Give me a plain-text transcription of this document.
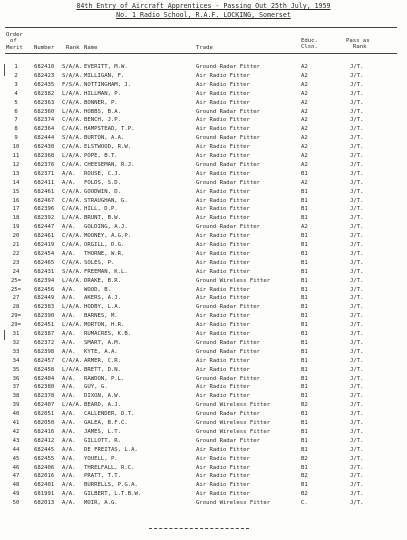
84th Entry of Aircraft Apprentices - Passing Out 25th July, 1959
No. 1 Radio School, R.A.F. LOCKING, Somerset
Order
of
Merit Number Rank Name	Trade
Educ.
Clsn.
Pass as
Rank
1	682410 S/A/A. EVERITT, M.W.	Ground Radar Fitter	A2	J/T.
2	682423 S/A/A. MILLIGAN, F.	Air Radio Fitter	A2	J/T.
3	682435 F/S/A. NOTTINGHAM, J.	Air Radio Fitter	A2	J/T.
4	682382 L/A/A. HILLMAN, P.	Air Radio Fitter	A2	J/T.
5	682363 C/A/A. BONNER, P.	Air Radio Fitter	A2	J/T.
6	682360 L/A/A. HOBBS, B.A.	Ground Radar Fitter	A2	J/T.
7	682374 C/A/A. BENCH, J.P.	Air Radio Fitter	A2	J/T.
8	682364 C/A/A. HAMPSTEAD, T.P.	Air Radio Fitter	A2	J/T.
9	682444 S/A/A. BURTON, A.A.	Ground Radar Fitter	A2	J/T.
10	682430 C/A/A. ELSTWOOD, R.W.	Air Radio Fitter	A2	J/T.
11	682368 L/A/A. POPE, B.T.	Air Radio Fitter	A2	J/T.
12	682376 C/A/A. CHEESEMAN, R.J.	Ground Radar Fitter	A2	J/T.
13	682371 A/A. ROUSE, C.J.	Air Radio Fitter	B1	J/T.
14	682411 A/A. FOLDS, S.D.	Ground Radar Fitter	A2	J/T.
15	682461 C/A/A. GOODWIN, D.	Air Radio Fitter	B1	J/T.
16	682467 C/A/A. STRAUGHAN, G.	Air Radio Fitter	B1	J/T.
17	682396 C/A/A. HILL, D.P.	Air Radio Fitter	B1	J/T.
18	682392 L/A/A. BRUNT, B.W.	Air Radio Fitter	B1	J/T.
19	682447 A/A. GOLDING, A.J.	Ground Radar Fitter	A2	J/T.
20	682461 C/A/A. MOONEY, A.G.P.	Air Radio Fitter	B1	J/T.
21	682419 C/A/A. ORGILL, D.G.	Air Radio Fitter	B1	J/T.
22	682454 A/A. THORNE, W.R.	Air Radio Fitter	B1	J/T.
23	682465 C/A/A. SOLES, P.	Air Radio Fitter	B1	J/T.
24	682431 S/A/A. FREEMAN, K.L.	Air Radio Fitter	B1	J/T.
25=	682394 L/A/A. DRAKE, B.R.	Ground Wireless Fitter	B1	J/T.
25=	682456 A/A. WOOD, B.	Air Radio Fitter	B1	J/T.
27	682449 A/A. AKERS, A.J.	Air Radio Fitter	B1	J/T.
28	682383 L/A/A. HODBY, L.A.	Ground Radar Fitter	B1	J/T.
29=	682390 A/A. BARNES, M.	Air Radio Fitter	B1	J/T.
29=	682451 L/A/A. MORTON, H.R.	Air Radio Fitter	B1	J/T.
31	682387 A/A. RUMACRES, K.B.	Air Radio Fitter	B1	J/T.
32	682372 A/A. SMART, A.M.	Ground Radar Fitter	B1	J/T.
33	682398 A/A. KYTE, A.A.	Ground Radar Fitter	B1	J/T.
34	682457 C/A/A. ARMER, C.R.	Air Radio Fitter	B1	J/T.
35	682458 L/A/A. BRETT, D.N.	Air Radio Fitter	B1	J/T.
36	682404 A/A. RAWDON, P.L.	Ground Radar Fitter	B1	J/T.
37	682380 A/A. GUY, G.	Air Radio Fitter	B1	J/T.
38	682378 A/A. DIXON, A.W.	Air Radio Fitter	B1	J/T.
39	682407 L/A/A. BEARD, A.J.	Ground Wireless Fitter	B2	J/T.
40	682051 A/A. CALLENDER, D.T.	Ground Radar Fitter	B1	J/T.
41	682050 A/A. GALEA, B.F.C.	Ground Wireless Fitter	B1	J/T.
42	682416 A/A. JAMES, L.T.	Ground Wireless Fitter	B1	J/T.
43	682412 A/A. GILLOTT, R.	Ground Radar Fitter	B1	J/T.
44	682445 A/A. DE FREITAS, L.A.	Air Radio Fitter	B1	J/T.
45	682455 A/A. YOUELL, P.	Air Radio Fitter	B2	J/T.
46	682406 A/A. THRELFALL, R.C.	Air Radio Fitter	B1	J/T.
47	682016 A/A. PRATT, T.T.	Air Radio Fitter	B2	J/T.
48	682401 A/A. BURRELLS, P.G.A.	Air Radio Fitter	B1	J/T.
49	681991 A/A. GILBERT, L.T.B.W.	Air Radio Fitter	B2	J/T.
50	682013 A/A. MOIR, A.G.	Ground Wireless Fitter	C.	J/T.
